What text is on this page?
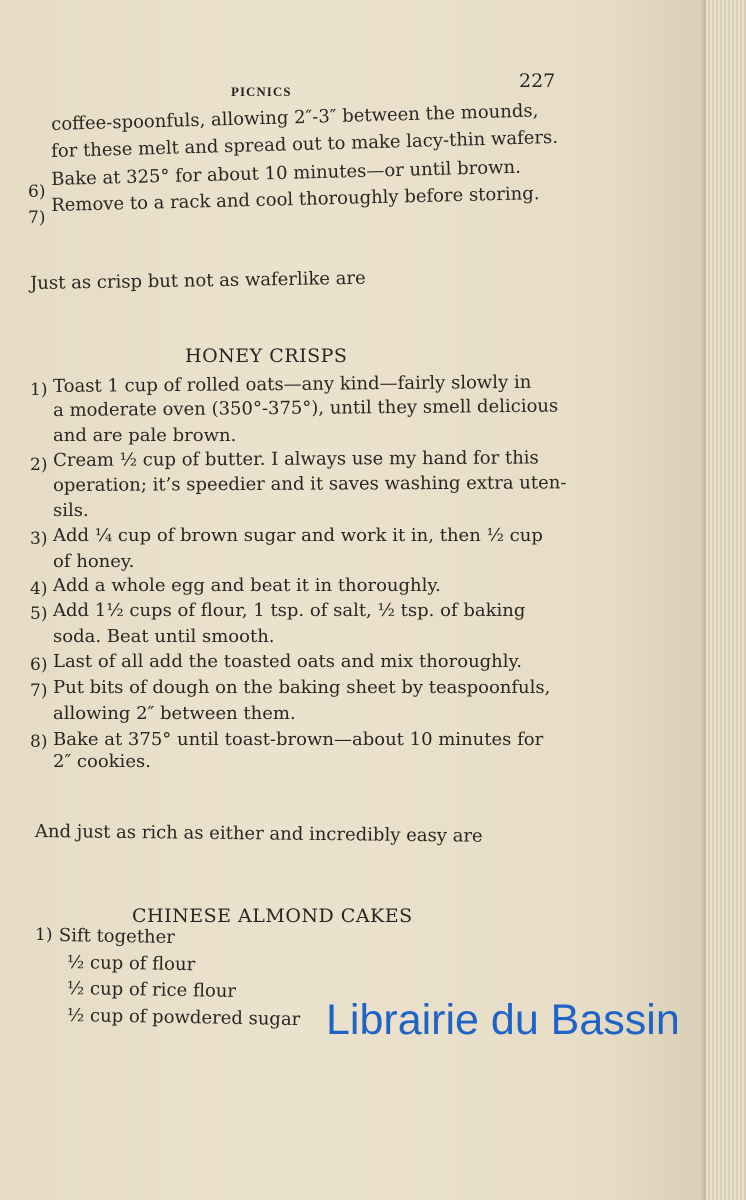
PICNICS	227
coffee-spoonfuls, allowing 2″-3″ between the mounds,
for these melt and spread out to make lacy-thin wafers.
6)
Bake at 325° for about 10 minutes—or until brown.
7)
Remove to a rack and cool thoroughly before storing.
Just as crisp but not as waferlike are
HONEY CRISPS
1) Toast 1 cup of rolled oats—any kind—fairly slowly in
a moderate oven (350°-375°), until they smell delicious
and are pale brown.
2) Cream ½ cup of butter. I always use my hand for this
operation; it’s speedier and it saves washing extra uten-
sils.
3) Add ¼ cup of brown sugar and work it in, then ½ cup
of honey.
4) Add a whole egg and beat it in thoroughly.
5) Add 1½ cups of flour, 1 tsp. of salt, ½ tsp. of baking
soda. Beat until smooth.
6) Last of all add the toasted oats and mix thoroughly.
7) Put bits of dough on the baking sheet by teaspoonfuls,
allowing 2″ between them.
8) Bake at 375° until toast-brown—about 10 minutes for
2″ cookies.
And just as rich as either and incredibly easy are
CHINESE ALMOND CAKES
1) Sift together
½ cup of flour
½ cup of rice flour
½ cup of powdered sugar Librairie du Bassin
